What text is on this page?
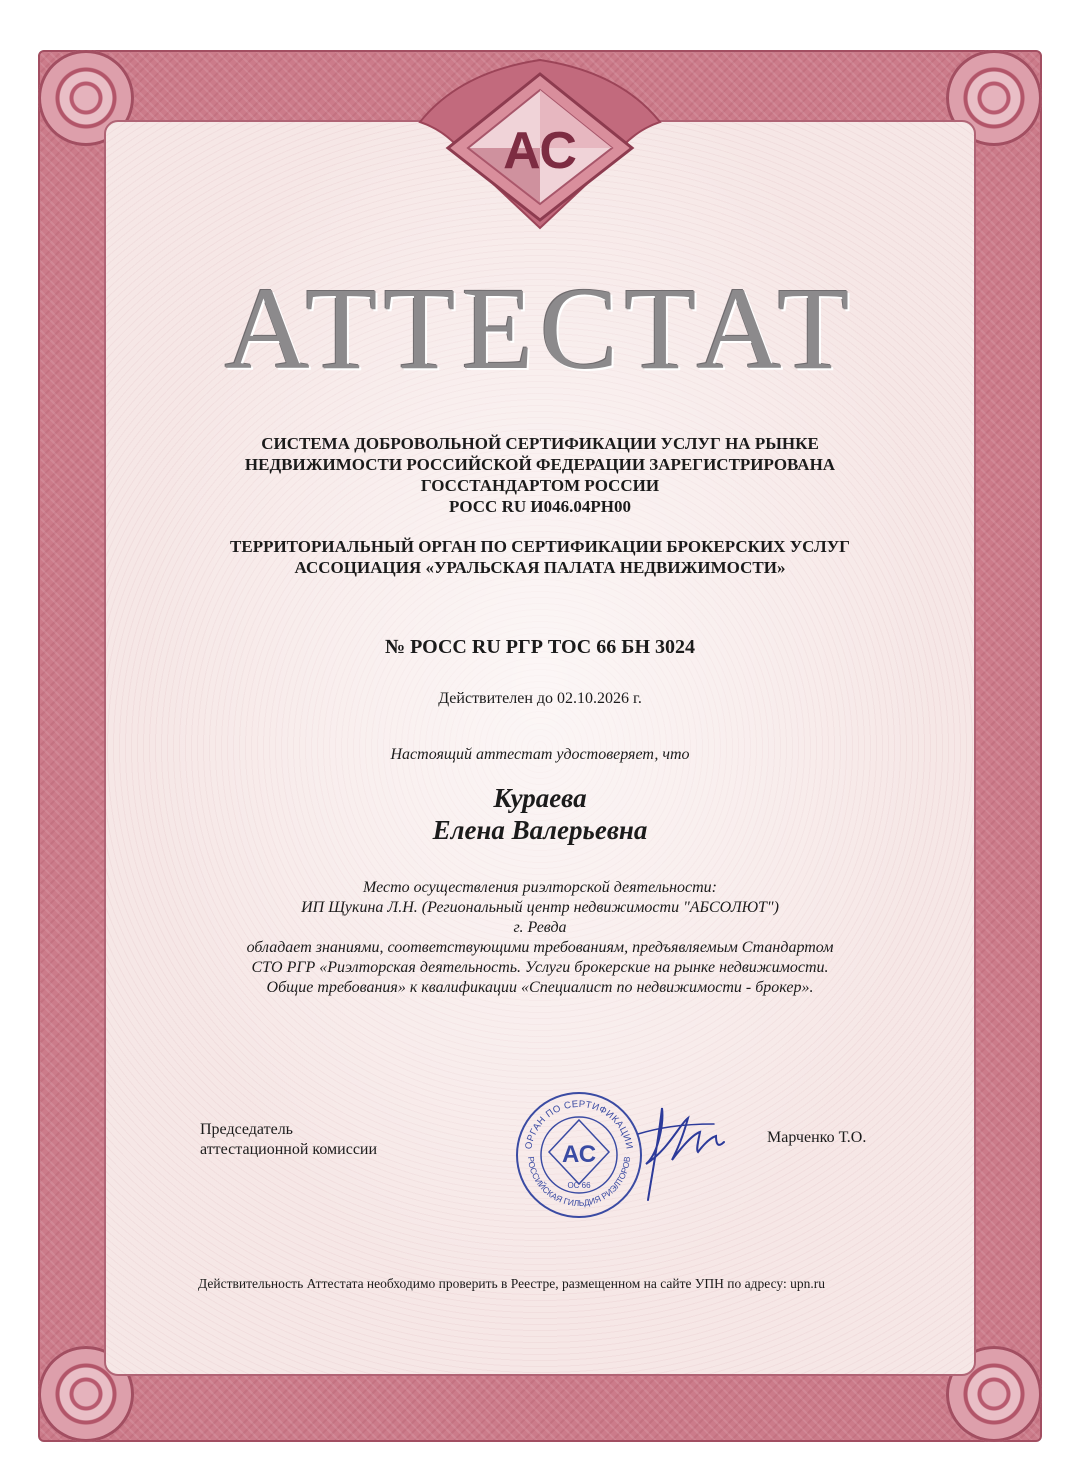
АС
АТТЕСТАТ
СИСТЕМА ДОБРОВОЛЬНОЙ СЕРТИФИКАЦИИ УСЛУГ НА РЫНКЕ
НЕДВИЖИМОСТИ РОССИЙСКОЙ ФЕДЕРАЦИИ ЗАРЕГИСТРИРОВАНА
ГОССТАНДАРТОМ РОССИИ
РОСС RU И046.04РН00
ТЕРРИТОРИАЛЬНЫЙ ОРГАН ПО СЕРТИФИКАЦИИ БРОКЕРСКИХ УСЛУГ
АССОЦИАЦИЯ «УРАЛЬСКАЯ ПАЛАТА НЕДВИЖИМОСТИ»
№ РОСС RU РГР ТОС 66 БН 3024
Действителен до 02.10.2026 г.
Настоящий аттестат удостоверяет, что
Кураева
Елена Валерьевна
Место осуществления риэлторской деятельности:
ИП Щукина Л.Н. (Региональный центр недвижимости "АБСОЛЮТ")
г. Ревда
обладает знаниями, соответствующими требованиям, предъявляемым Стандартом
СТО РГР «Риэлторская деятельность. Услуги брокерские на рынке недвижимости.
Общие требования» к квалификации «Специалист по недвижимости - брокер».
Председатель
аттестационной комиссии	ОРГАН ПО СЕРТИФИКАЦИИ
РОССИЙСКАЯ ГИЛЬДИЯ РИЭЛТОРОВ
АС
ОС 66
Марченко Т.О.
Действительность Аттестата необходимо проверить в Реестре, размещенном на сайте УПН по адресу: upn.ru
